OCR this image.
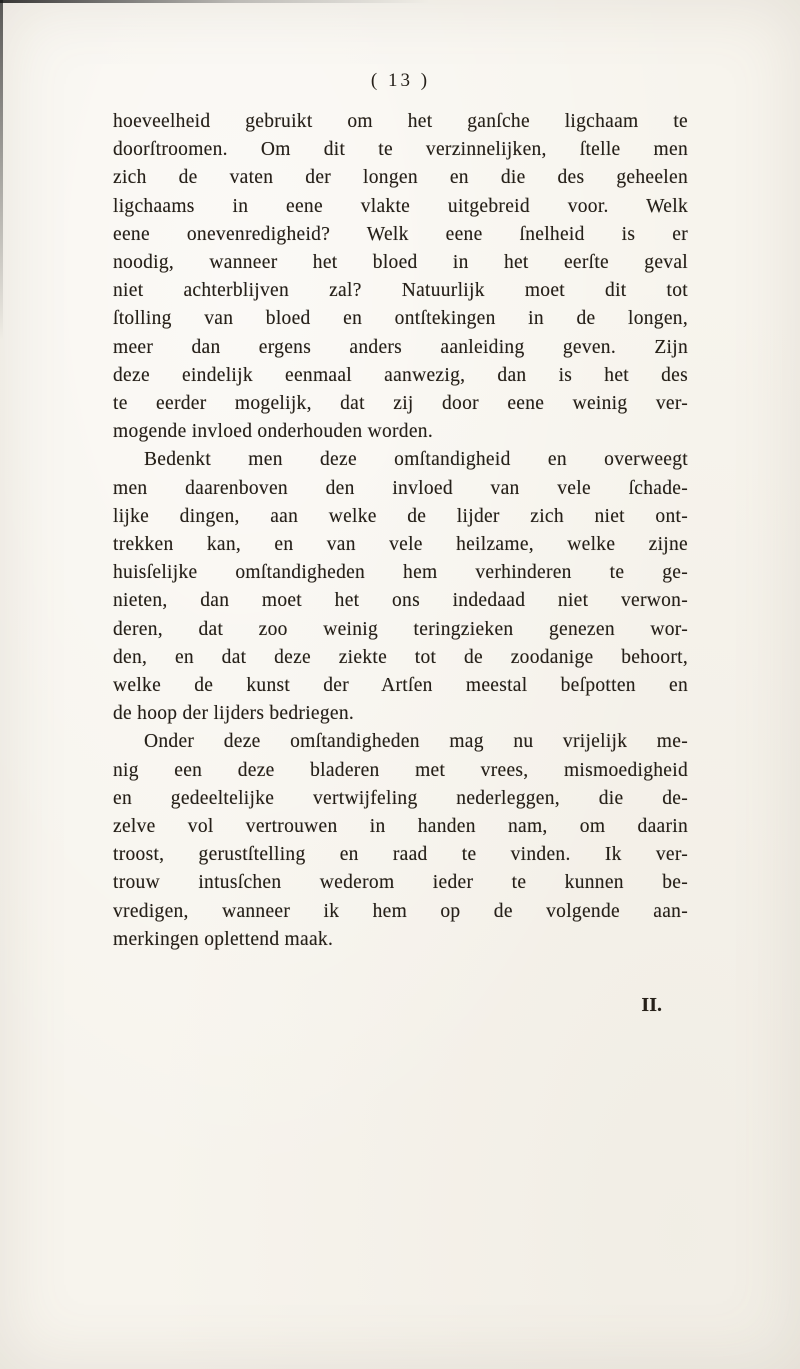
( 13 )
hoeveelheid gebruikt om het ganſche ligchaam te
doorſtroomen. Om dit te verzinnelijken, ſtelle men
zich de vaten der longen en die des geheelen
ligchaams in eene vlakte uitgebreid voor. Welk
eene onevenredigheid? Welk eene ſnelheid is er
noodig, wanneer het bloed in het eerſte geval
niet achterblijven zal? Natuurlijk moet dit tot
ſtolling van bloed en ontſtekingen in de longen,
meer dan ergens anders aanleiding geven. Zijn
deze eindelijk eenmaal aanwezig, dan is het des
te eerder mogelijk, dat zij door eene weinig ver-
mogende invloed onderhouden worden.
Bedenkt men deze omſtandigheid en overweegt
men daarenboven den invloed van vele ſchade-
lijke dingen, aan welke de lijder zich niet ont-
trekken kan, en van vele heilzame, welke zijne
huisſelijke omſtandigheden hem verhinderen te ge-
nieten, dan moet het ons indedaad niet verwon-
deren, dat zoo weinig teringzieken genezen wor-
den, en dat deze ziekte tot de zoodanige behoort,
welke de kunst der Artſen meestal beſpotten en
de hoop der lijders bedriegen.
Onder deze omſtandigheden mag nu vrijelijk me-
nig een deze bladeren met vrees, mismoedigheid
en gedeeltelijke vertwijfeling nederleggen, die de-
zelve vol vertrouwen in handen nam, om daarin
troost, gerustſtelling en raad te vinden. Ik ver-
trouw intusſchen wederom ieder te kunnen be-
vredigen, wanneer ik hem op de volgende aan-
merkingen oplettend maak.
II.
